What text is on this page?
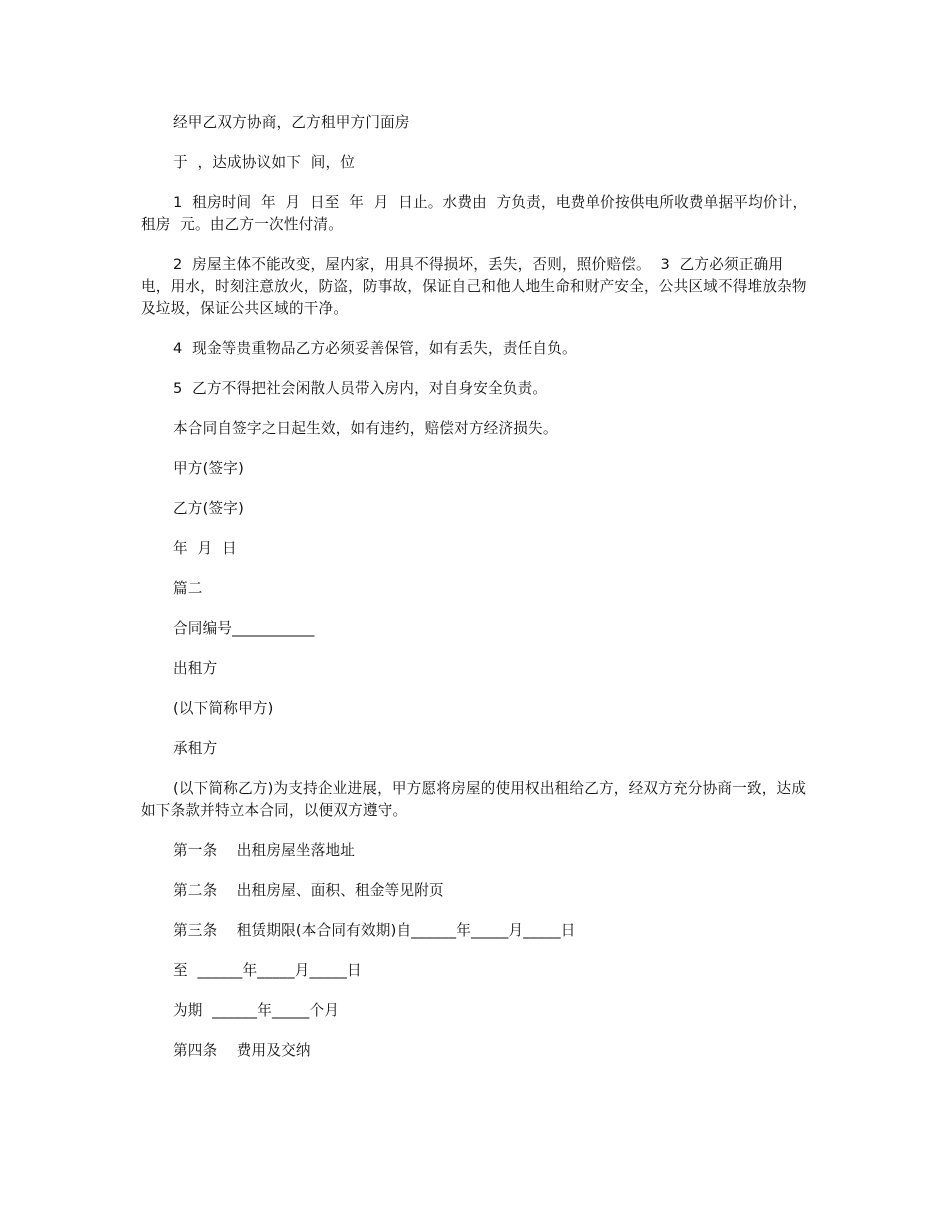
经甲乙双方协商，乙方租甲方门面房

于  ，达成协议如下  间，位

1  租房时间  年  月  日至  年  月  日止。水费由  方负责，电费单价按供电所收费单据平均价计，租房  元。由乙方一次性付清。

2  房屋主体不能改变，屋内家，用具不得损坏，丢失，否则，照价赔偿。  3  乙方必须正确用电，用水，时刻注意放火，防盗，防事故，保证自己和他人地生命和财产安全，公共区域不得堆放杂物及垃圾，保证公共区域的干净。

4  现金等贵重物品乙方必须妥善保管，如有丢失，责任自负。

5  乙方不得把社会闲散人员带入房内，对自身安全负责。

本合同自签字之日起生效，如有违约，赔偿对方经济损失。

甲方(签字)

乙方(签字)

年  月  日

篇二

合同编号___________

出租方

(以下简称甲方)

承租方

(以下简称乙方)为支持企业进展，甲方愿将房屋的使用权出租给乙方，经双方充分协商一致，达成如下条款并特立本合同，以便双方遵守。

第一条    出租房屋坐落地址

第二条    出租房屋、面积、租金等见附页

第三条    租赁期限(本合同有效期)自______年_____月_____日

至  ______年_____月_____日

为期  ______年_____个月

第四条    费用及交纳
